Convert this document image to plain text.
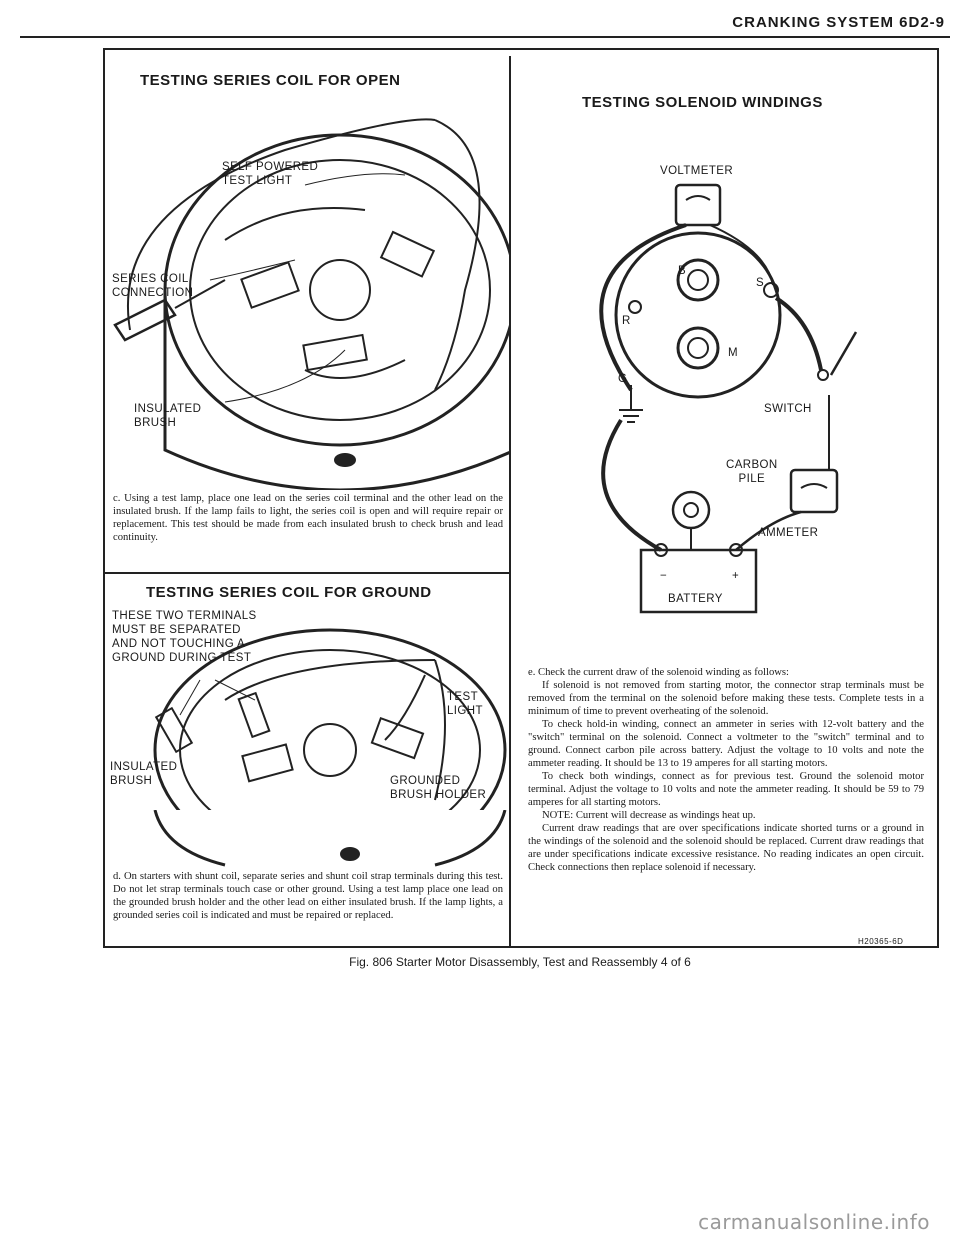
CRANKING SYSTEM 6D2-9
TESTING SERIES COIL FOR OPEN
SELF POWERED
TEST LIGHT
SERIES COIL
CONNECTION
INSULATED
BRUSH

c. Using a test lamp, place one lead on the series coil terminal and the other lead on the insulated brush. If the lamp fails to light, the series coil is open and will require repair or replacement. This test should be made from each insulated brush to check brush and lead continuity.

TESTING SERIES COIL FOR GROUND
THESE TWO TERMINALS
MUST BE SEPARATED
AND NOT TOUCHING A
GROUND DURING TEST
TEST
LIGHT
INSULATED
BRUSH	GROUNDED
BRUSH HOLDER

d. On starters with shunt coil, separate series and shunt coil strap terminals during this test. Do not let strap terminals touch case or other ground. Using a test lamp place one lead on the grounded brush holder and the other lead on either insulated brush. If the lamp lights, a grounded series coil is indicated and must be repaired or replaced.

TESTING SOLENOID WINDINGS
VOLTMETER
B
S
R
M
G
SWITCH
CARBON
PILE
AMMETER
−	+
BATTERY

e. Check the current draw of the solenoid winding as follows:

If solenoid is not removed from starting motor, the connector strap terminals must be removed from the terminal on the solenoid before making these tests. Complete tests in a minimum of time to prevent overheating of the solenoid.

To check hold-in winding, connect an ammeter in series with 12-volt battery and the "switch" terminal on the solenoid. Connect a voltmeter to the "switch" terminal and to ground. Connect carbon pile across battery. Adjust the voltage to 10 volts and note the ammeter reading. It should be 13 to 19 amperes for all starting motors.

To check both windings, connect as for previous test. Ground the solenoid motor terminal. Adjust the voltage to 10 volts and note the ammeter reading. It should be 59 to 79 amperes for all starting motors.

NOTE: Current will decrease as windings heat up.

Current draw readings that are over specifications indicate shorted turns or a ground in the windings of the solenoid and the solenoid should be replaced. Current draw readings that are under specifications indicate excessive resistance. No reading indicates an open circuit. Check connections then replace solenoid if necessary.

H20365-6D
Fig. 806 Starter Motor Disassembly, Test and Reassembly 4 of 6
carmanualsonline.info
